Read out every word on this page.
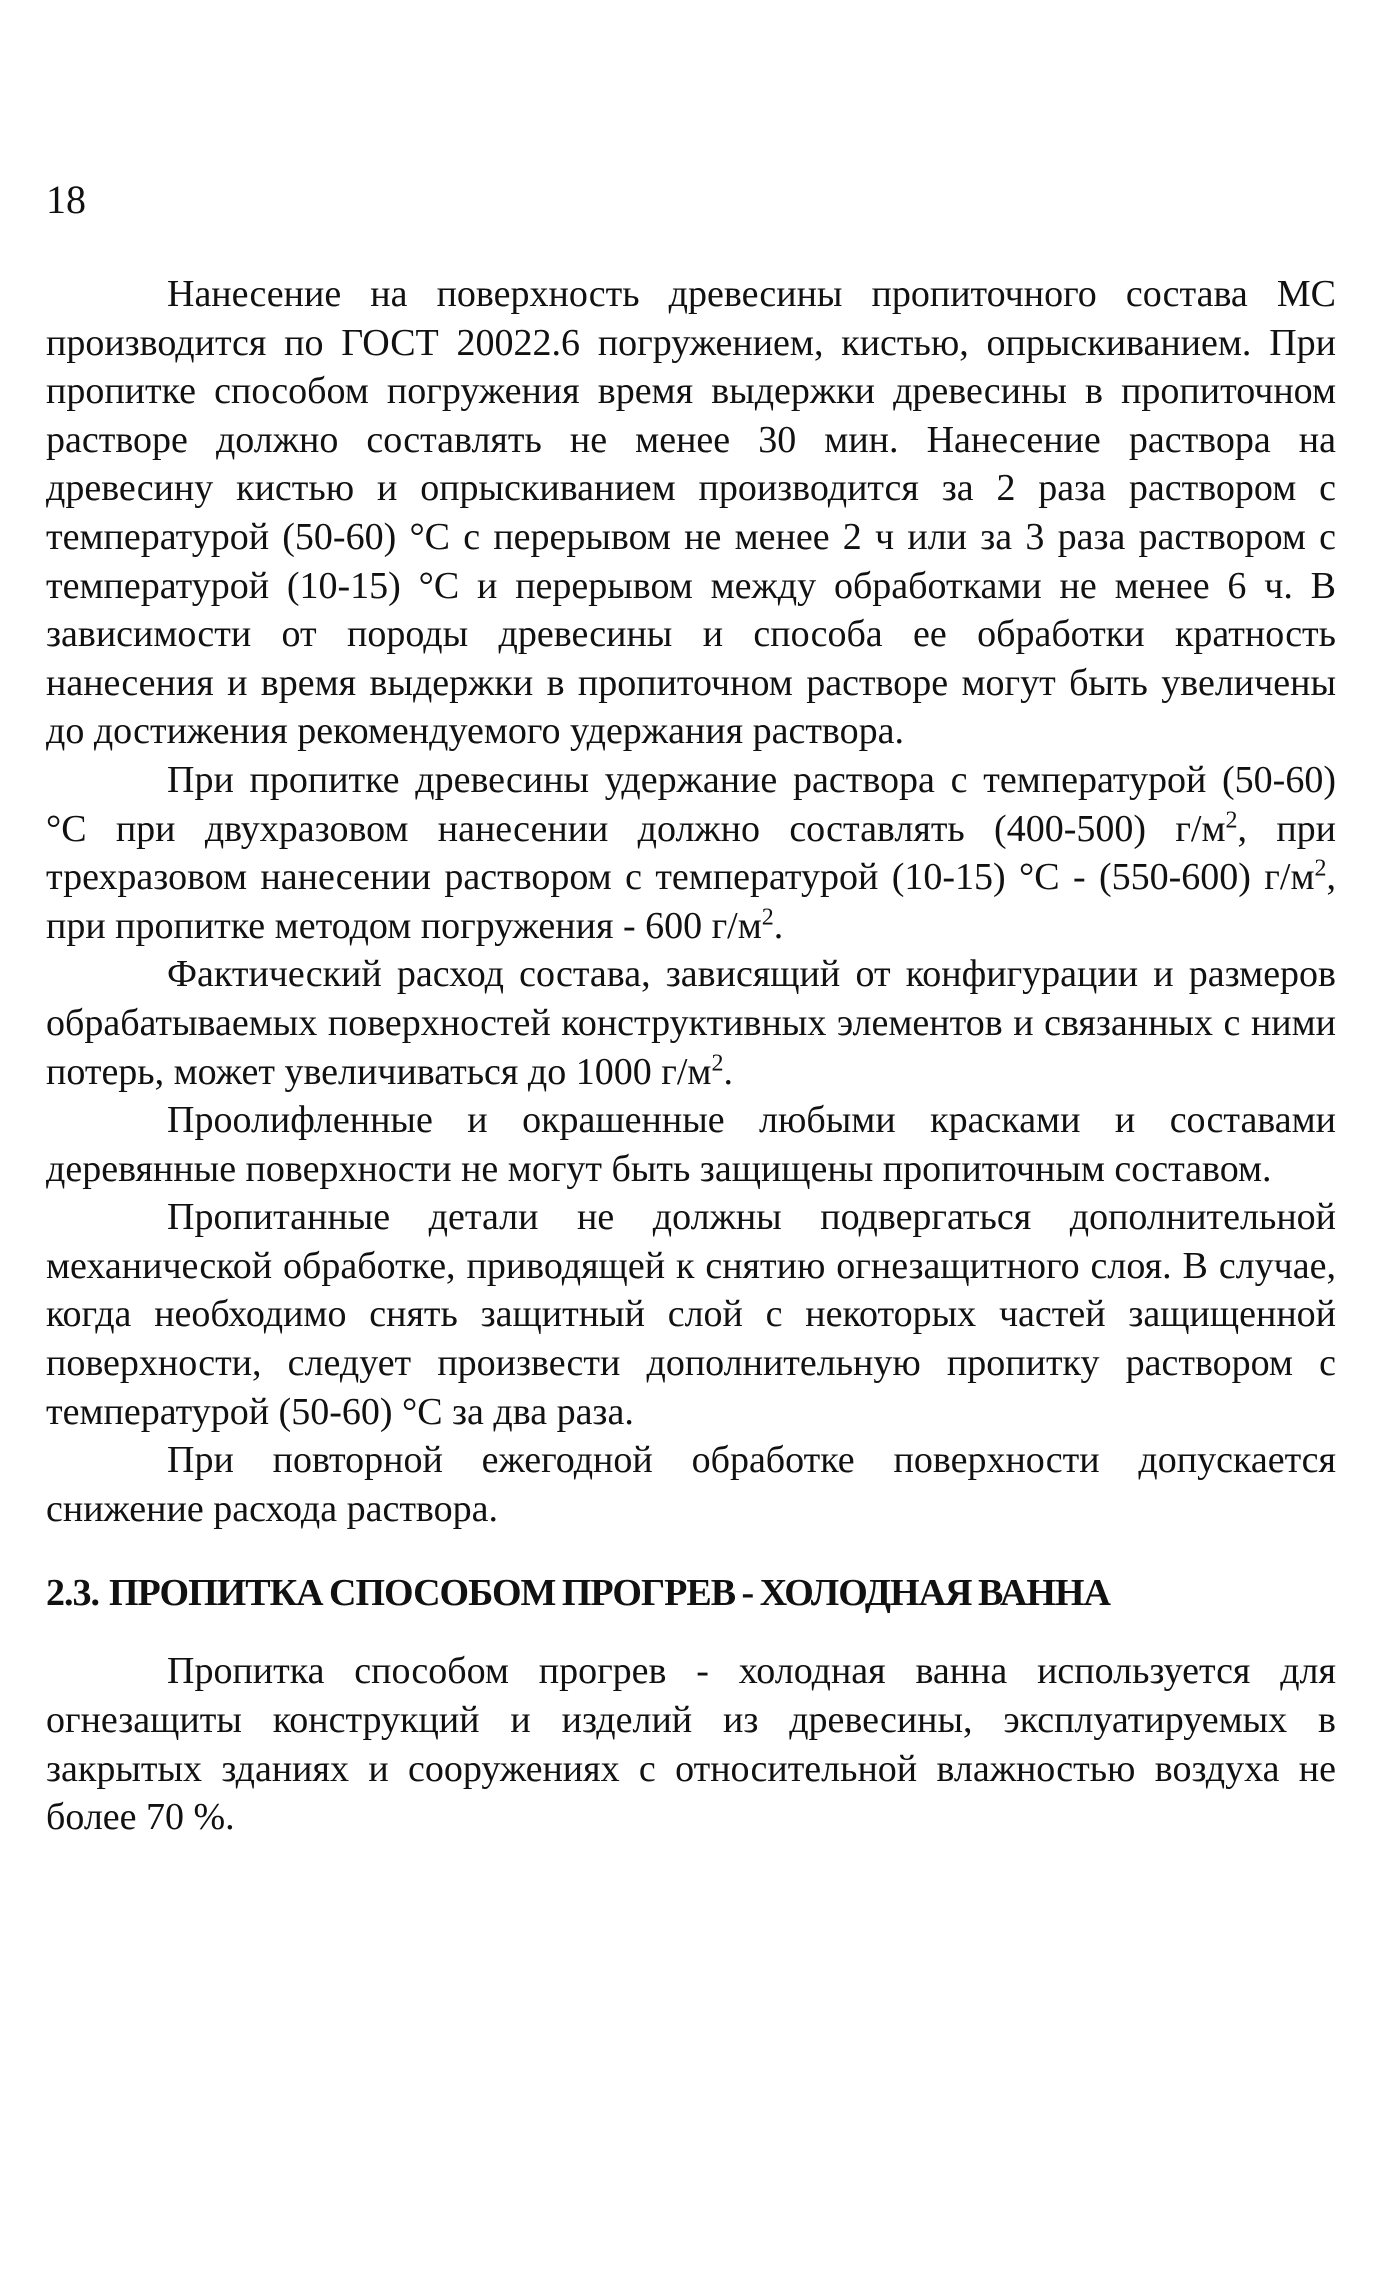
18

Нанесение на поверхность древесины пропиточного состава МС производится по ГОСТ 20022.6 погружением, кистью, опрыскиванием. При пропитке способом погружения время выдержки древесины в пропиточном растворе должно составлять не менее 30 мин. Нанесение раствора на древесину кистью и опрыскиванием производится за 2 раза раствором с температурой (50-60) °С с перерывом не менее 2 ч или за 3 раза раствором с температурой (10-15) °С и перерывом между обработками не менее 6 ч. В зависимости от породы древесины и способа ее обработки кратность нанесения и время выдержки в пропиточном растворе могут быть увеличены до достижения рекомендуемого удержания раствора.

При пропитке древесины удержание раствора с температурой (50-60) °С при двухразовом нанесении должно составлять (400-500) $г/м^2$, при трехразовом нанесении раствором с температурой (10-15) °С - (550-600) $г/м^2$, при пропитке методом погружения - 600 $г/м^2$.

Фактический расход состава, зависящий от конфигурации и размеров обрабатываемых поверхностей конструктивных элементов и связанных с ними потерь, может увеличиваться до 1000 $г/м^2$.

Проолифленные и окрашенные любыми красками и составами деревянные поверхности не могут быть защищены пропиточным составом.

Пропитанные детали не должны подвергаться дополнительной механической обработке, приводящей к снятию огнезащитного слоя. В случае, когда необходимо снять защитный слой с некоторых частей защищенной поверхности, следует произвести дополнительную пропитку раствором с температурой (50-60) °С за два раза.

При повторной ежегодной обработке поверхности допускается снижение расхода раствора.

2.3. ПРОПИТКА СПОСОБОМ ПРОГРЕВ - ХОЛОДНАЯ ВАННА

Пропитка способом прогрев - холодная ванна используется для огнезащиты конструкций и изделий из древесины, эксплуатируемых в закрытых зданиях и сооружениях с относительной влажностью воздуха не более 70 %.
